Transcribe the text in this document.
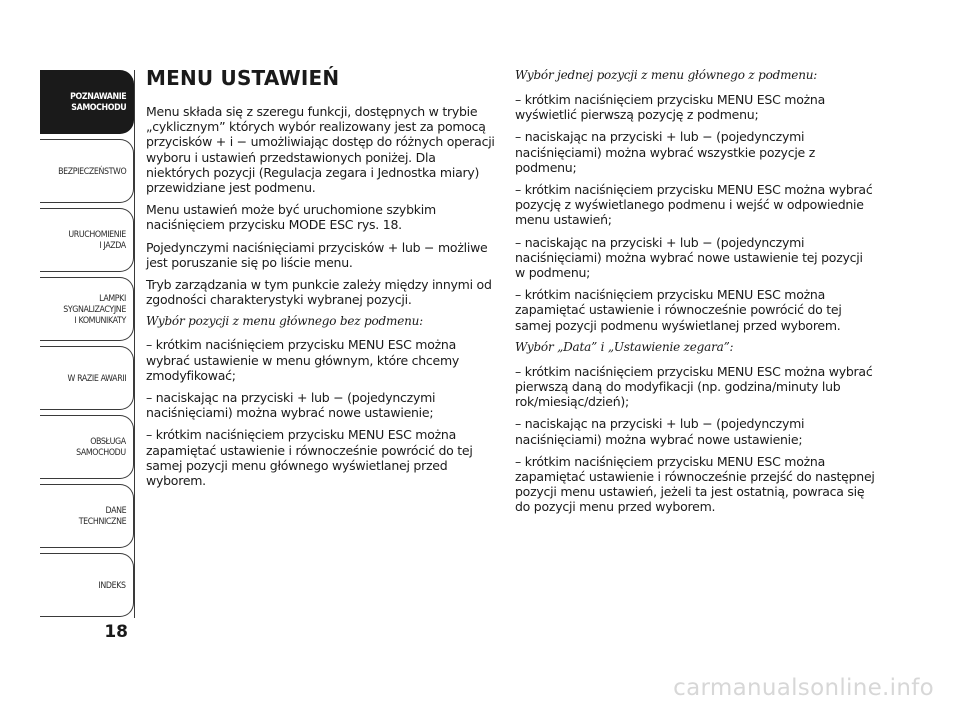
POZNAWANIE
SAMOCHODU
BEZPIECZEŃSTWO
URUCHOMIENIE
I JAZDA
LAMPKI
SYGNALIZACYJNE
I KOMUNIKATY
W RAZIE AWARII
OBSŁUGA
SAMOCHODU
DANE
TECHNICZNE
INDEKS
18
MENU USTAWIEŃ

Menu składa się z szeregu funkcji, dostępnych w trybie „cyklicznym” których wybór realizowany jest za pomocą przycisków + i − umożliwiając dostęp do różnych operacji wyboru i ustawień przedstawionych poniżej. Dla niektórych pozycji (Regulacja zegara i Jednostka miary) przewidziane jest podmenu.

Menu ustawień może być uruchomione szybkim naciśnięciem przycisku MODE ESC rys. 18.

Pojedynczymi naciśnięciami przycisków + lub − możliwe jest poruszanie się po liście menu.

Tryb zarządzania w tym punkcie zależy między innymi od zgodności charakterystyki wybranej pozycji.

Wybór pozycji z menu głównego bez podmenu:

– krótkim naciśnięciem przycisku MENU ESC można wybrać ustawienie w menu głównym, które chcemy zmodyfikować;

– naciskając na przyciski + lub − (pojedynczymi naciśnięciami) można wybrać nowe ustawienie;

– krótkim naciśnięciem przycisku MENU ESC można zapamiętać ustawienie i równocześnie powrócić do tej samej pozycji menu głównego wyświetlanej przed wyborem.

Wybór jednej pozycji z menu głównego z podmenu:

– krótkim naciśnięciem przycisku MENU ESC można wyświetlić pierwszą pozycję z podmenu;

– naciskając na przyciski + lub − (pojedynczymi naciśnięciami) można wybrać wszystkie pozycje z podmenu;

– krótkim naciśnięciem przycisku MENU ESC można wybrać pozycję z wyświetlanego podmenu i wejść w odpowiednie menu ustawień;

– naciskając na przyciski + lub − (pojedynczymi naciśnięciami) można wybrać nowe ustawienie tej pozycji w podmenu;

– krótkim naciśnięciem przycisku MENU ESC można zapamiętać ustawienie i równocześnie powrócić do tej samej pozycji podmenu wyświetlanej przed wyborem.

Wybór „Data” i „Ustawienie zegara”:

– krótkim naciśnięciem przycisku MENU ESC można wybrać pierwszą daną do modyfikacji (np. godzina/minuty lub rok/miesiąc/dzień);

– naciskając na przyciski + lub − (pojedynczymi naciśnięciami) można wybrać nowe ustawienie;

– krótkim naciśnięciem przycisku MENU ESC można zapamiętać ustawienie i równocześnie przejść do następnej pozycji menu ustawień, jeżeli ta jest ostatnią, powraca się do pozycji menu przed wyborem.

carmanualsonline.info
